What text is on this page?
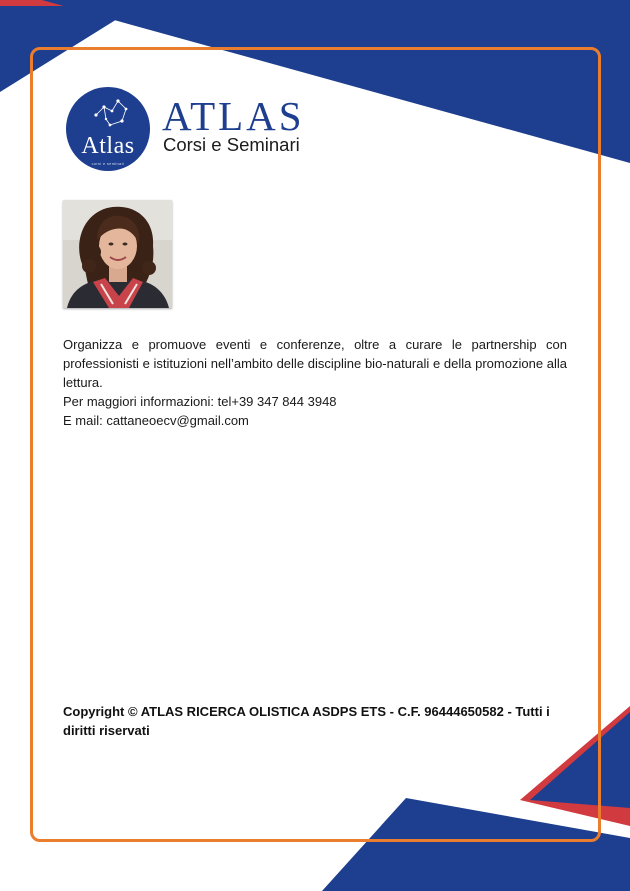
Atlas
corsi e seminari
ATLAS
Corsi e Seminari

Organizza e promuove eventi e conferenze, oltre a curare le partnership con professionisti e istituzioni nell’ambito delle discipline bio-naturali e della promozione alla lettura.

Per maggiori informazioni: tel+39 347 844 3948
E mail: cattaneoecv@gmail.com
Copyright © ATLAS RICERCA OLISTICA ASDPS ETS - C.F. 96444650582 - Tutti i diritti riservati
